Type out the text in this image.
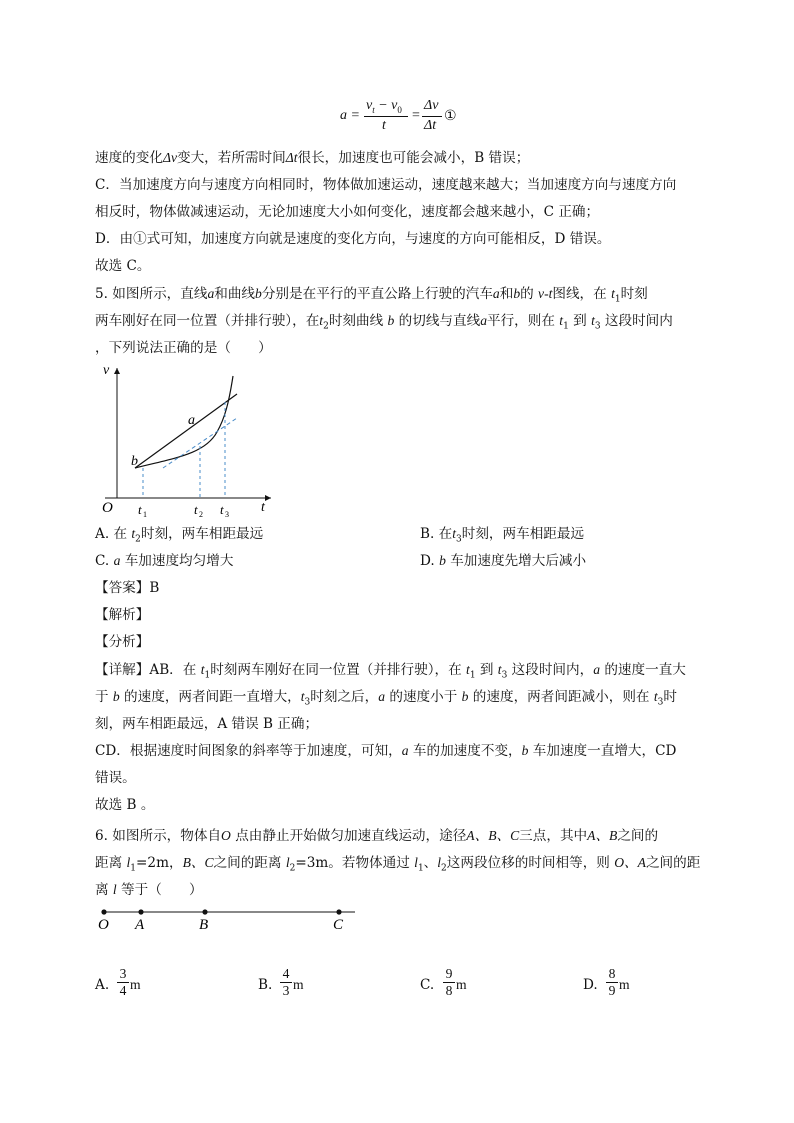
a =
$v_t - v_0$
t
=
Δv
Δt
①
速度的变化Δv变大，若所需时间Δt很长，加速度也可能会减小，B 错误；
C．当加速度方向与速度方向相同时，物体做加速运动，速度越来越大；当加速度方向与速度方向
相反时，物体做减速运动，无论加速度大小如何变化，速度都会越来越小，C 正确；
D．由①式可知，加速度方向就是速度的变化方向，与速度的方向可能相反，D 错误。
故选 C。
5. 如图所示，直线a和曲线b分别是在平行的平直公路上行驶的汽车a和b的 v-t图线，在 $t_1$时刻
两车刚好在同一位置（并排行驶），在$t_2$时刻曲线 b 的切线与直线a平行，则在 $t_1$ 到 $t_3$ 这段时间内
，下列说法正确的是（　　）
v
t
O
a
b
t 1	t 2 t 3
A. 在 $t_2$时刻，两车相距最远	B. 在$t_3$时刻，两车相距最远
C. a 车加速度均匀增大	D. b 车加速度先增大后减小
【答案】B
【解析】
【分析】
【详解】AB．在 $t_1$时刻两车刚好在同一位置（并排行驶），在 $t_1$ 到 $t_3$ 这段时间内，a 的速度一直大
于 b 的速度，两者间距一直增大，$t_3$时刻之后，a 的速度小于 b 的速度，两者间距减小，则在 $t_3$时
刻，两车相距最远，A 错误 B 正确；
CD．根据速度时间图象的斜率等于加速度，可知，a 车的加速度不变，b 车加速度一直增大，CD
错误。
故选 B 。
6. 如图所示，物体自O 点由静止开始做匀加速直线运动，途径A、B、C三点，其中A、B之间的
距离 $l_1=2m$，B、C之间的距离 $l_2=3m$。若物体通过 $l_1$、$l_2$这两段位移的时间相等，则 O、A之间的距
离 l 等于（　　）
O A	B	C
A.
3
4 m	B.
4
3 m	C.
9
8 m	D.
8
9 m
